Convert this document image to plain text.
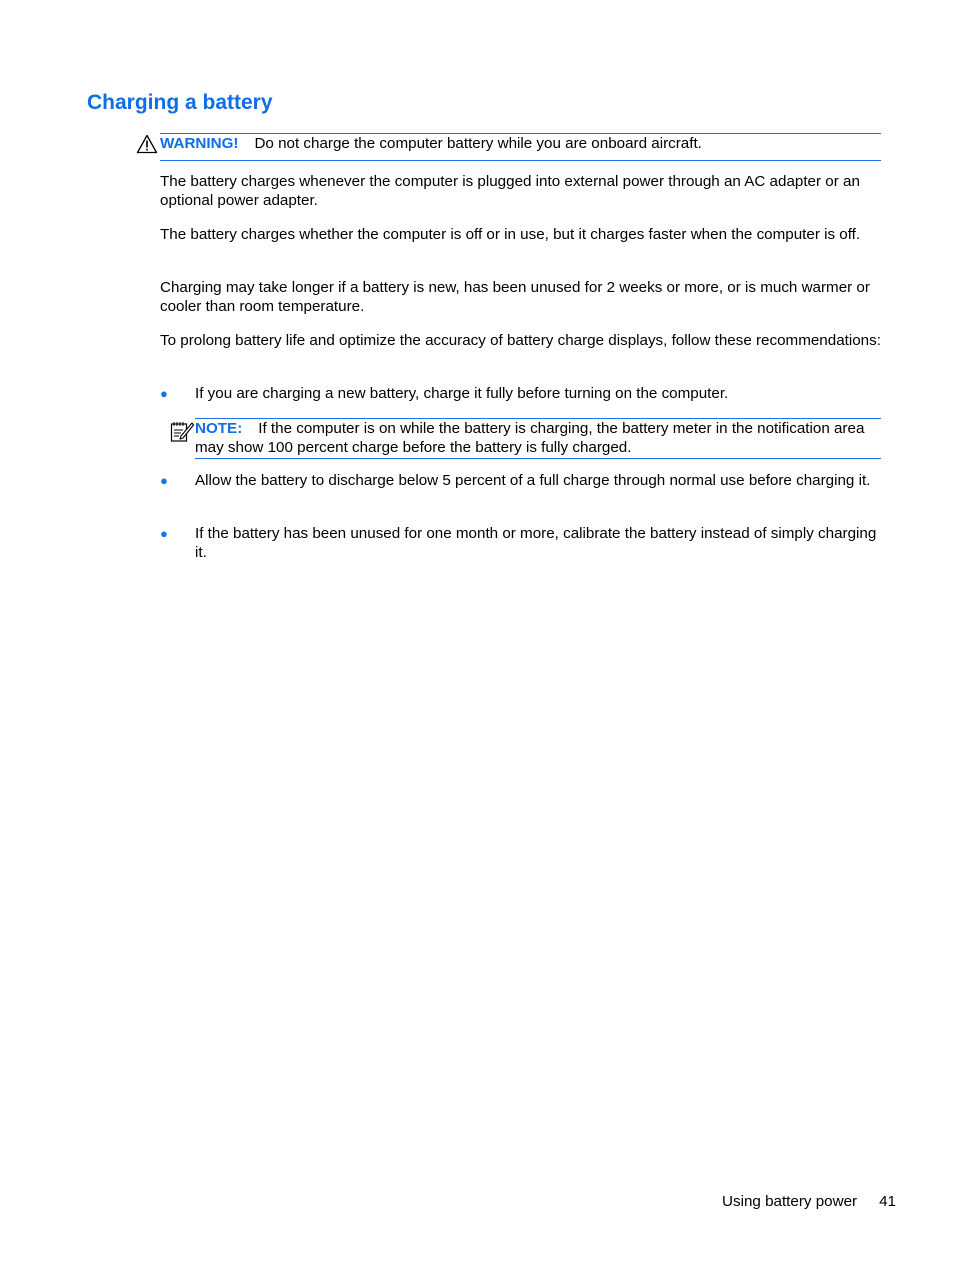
Charging a battery
WARNING! Do not charge the computer battery while you are onboard aircraft.

The battery charges whenever the computer is plugged into external power through an AC adapter or an optional power adapter.

The battery charges whether the computer is off or in use, but it charges faster when the computer is off.

Charging may take longer if a battery is new, has been unused for 2 weeks or more, or is much warmer or cooler than room temperature.

To prolong battery life and optimize the accuracy of battery charge displays, follow these recommendations:

● If you are charging a new battery, charge it fully before turning on the computer.
NOTE: If the computer is on while the battery is charging, the battery meter in the notification area may show 100 percent charge before the battery is fully charged.
● Allow the battery to discharge below 5 percent of a full charge through normal use before charging it.
● If the battery has been unused for one month or more, calibrate the battery instead of simply charging it.
Using battery power 41
